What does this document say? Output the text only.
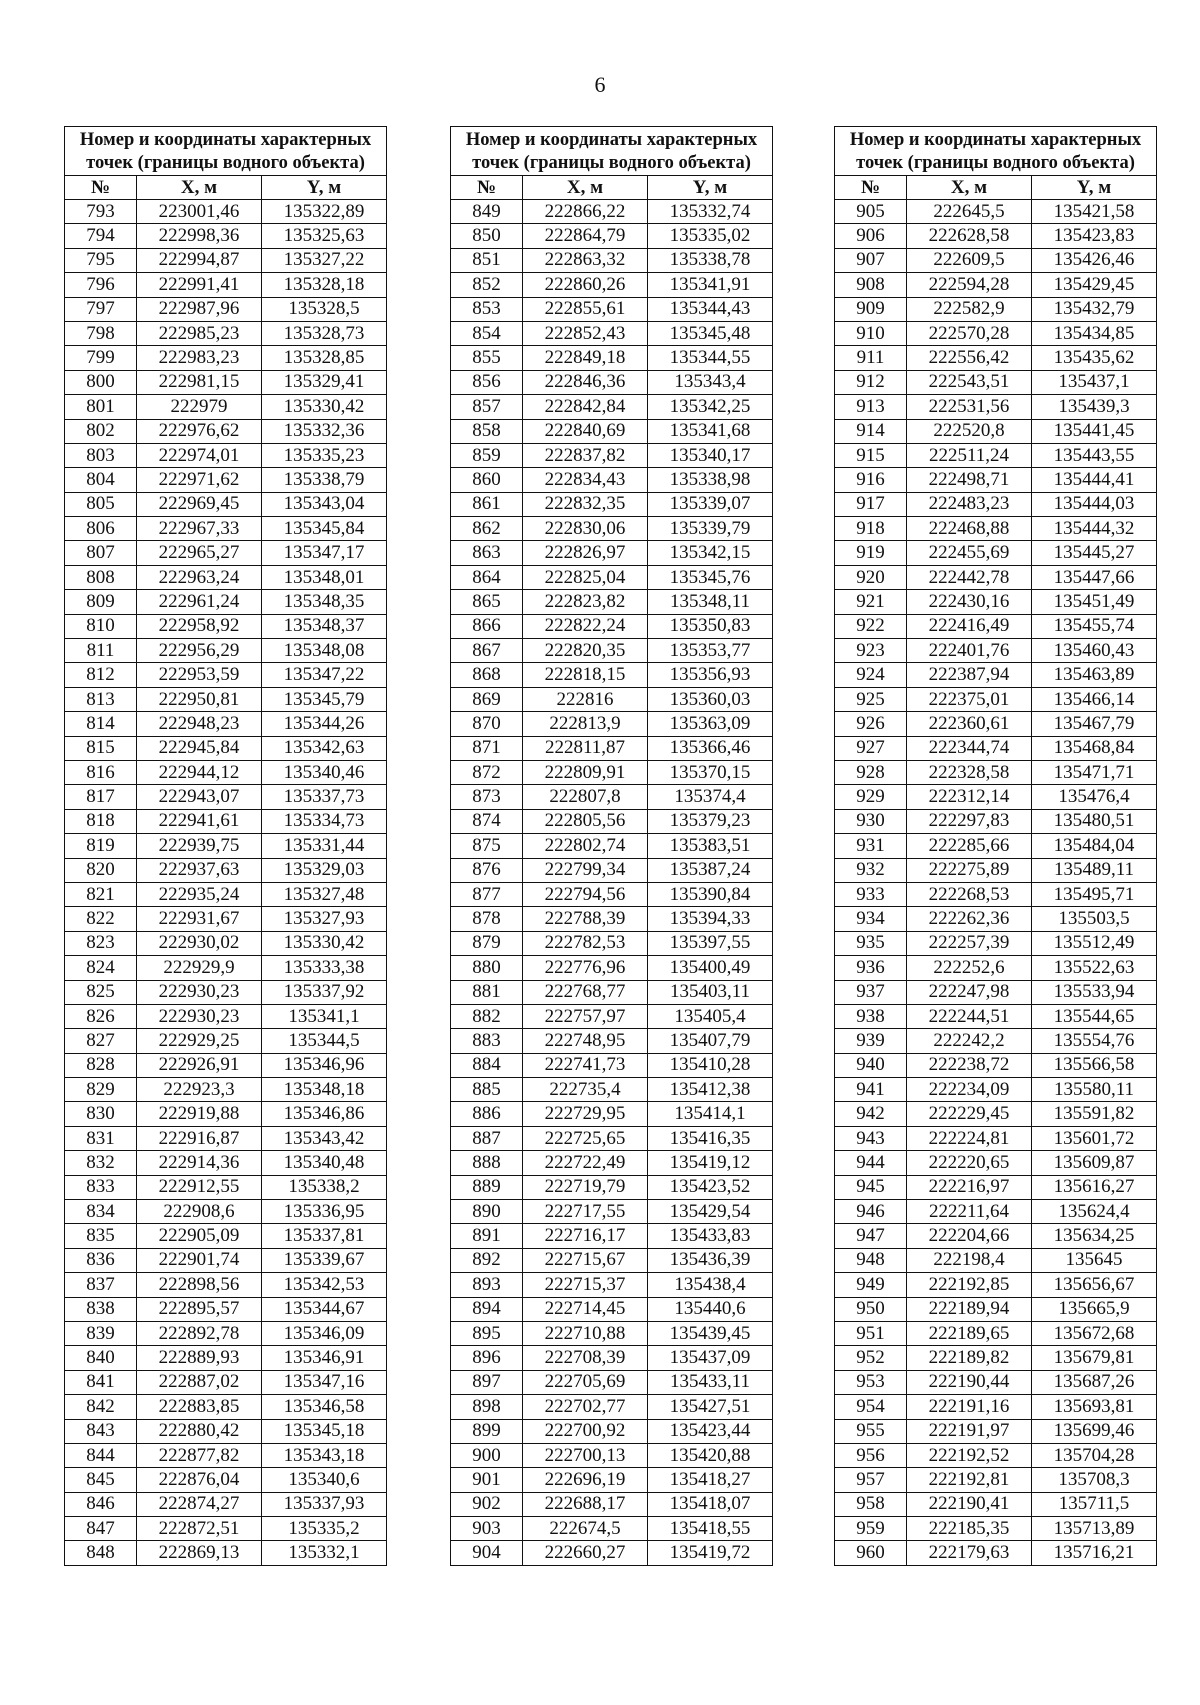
6
Номер и координаты характерных точек (границы водного объекта)		
№	X, м	Y, м
793	223001,46	135322,89
794	222998,36	135325,63
795	222994,87	135327,22
796	222991,41	135328,18
797	222987,96	135328,5
798	222985,23	135328,73
799	222983,23	135328,85
800	222981,15	135329,41
801	222979	135330,42
802	222976,62	135332,36
803	222974,01	135335,23
804	222971,62	135338,79
805	222969,45	135343,04
806	222967,33	135345,84
807	222965,27	135347,17
808	222963,24	135348,01
809	222961,24	135348,35
810	222958,92	135348,37
811	222956,29	135348,08
812	222953,59	135347,22
813	222950,81	135345,79
814	222948,23	135344,26
815	222945,84	135342,63
816	222944,12	135340,46
817	222943,07	135337,73
818	222941,61	135334,73
819	222939,75	135331,44
820	222937,63	135329,03
821	222935,24	135327,48
822	222931,67	135327,93
823	222930,02	135330,42
824	222929,9	135333,38
825	222930,23	135337,92
826	222930,23	135341,1
827	222929,25	135344,5
828	222926,91	135346,96
829	222923,3	135348,18
830	222919,88	135346,86
831	222916,87	135343,42
832	222914,36	135340,48
833	222912,55	135338,2
834	222908,6	135336,95
835	222905,09	135337,81
836	222901,74	135339,67
837	222898,56	135342,53
838	222895,57	135344,67
839	222892,78	135346,09
840	222889,93	135346,91
841	222887,02	135347,16
842	222883,85	135346,58
843	222880,42	135345,18
844	222877,82	135343,18
845	222876,04	135340,6
846	222874,27	135337,93
847	222872,51	135335,2
848	222869,13	135332,1
Номер и координаты характерных точек (границы водного объекта)		
№	X, м	Y, м
849	222866,22	135332,74
850	222864,79	135335,02
851	222863,32	135338,78
852	222860,26	135341,91
853	222855,61	135344,43
854	222852,43	135345,48
855	222849,18	135344,55
856	222846,36	135343,4
857	222842,84	135342,25
858	222840,69	135341,68
859	222837,82	135340,17
860	222834,43	135338,98
861	222832,35	135339,07
862	222830,06	135339,79
863	222826,97	135342,15
864	222825,04	135345,76
865	222823,82	135348,11
866	222822,24	135350,83
867	222820,35	135353,77
868	222818,15	135356,93
869	222816	135360,03
870	222813,9	135363,09
871	222811,87	135366,46
872	222809,91	135370,15
873	222807,8	135374,4
874	222805,56	135379,23
875	222802,74	135383,51
876	222799,34	135387,24
877	222794,56	135390,84
878	222788,39	135394,33
879	222782,53	135397,55
880	222776,96	135400,49
881	222768,77	135403,11
882	222757,97	135405,4
883	222748,95	135407,79
884	222741,73	135410,28
885	222735,4	135412,38
886	222729,95	135414,1
887	222725,65	135416,35
888	222722,49	135419,12
889	222719,79	135423,52
890	222717,55	135429,54
891	222716,17	135433,83
892	222715,67	135436,39
893	222715,37	135438,4
894	222714,45	135440,6
895	222710,88	135439,45
896	222708,39	135437,09
897	222705,69	135433,11
898	222702,77	135427,51
899	222700,92	135423,44
900	222700,13	135420,88
901	222696,19	135418,27
902	222688,17	135418,07
903	222674,5	135418,55
904	222660,27	135419,72
Номер и координаты характерных точек (границы водного объекта)		
№	X, м	Y, м
905	222645,5	135421,58
906	222628,58	135423,83
907	222609,5	135426,46
908	222594,28	135429,45
909	222582,9	135432,79
910	222570,28	135434,85
911	222556,42	135435,62
912	222543,51	135437,1
913	222531,56	135439,3
914	222520,8	135441,45
915	222511,24	135443,55
916	222498,71	135444,41
917	222483,23	135444,03
918	222468,88	135444,32
919	222455,69	135445,27
920	222442,78	135447,66
921	222430,16	135451,49
922	222416,49	135455,74
923	222401,76	135460,43
924	222387,94	135463,89
925	222375,01	135466,14
926	222360,61	135467,79
927	222344,74	135468,84
928	222328,58	135471,71
929	222312,14	135476,4
930	222297,83	135480,51
931	222285,66	135484,04
932	222275,89	135489,11
933	222268,53	135495,71
934	222262,36	135503,5
935	222257,39	135512,49
936	222252,6	135522,63
937	222247,98	135533,94
938	222244,51	135544,65
939	222242,2	135554,76
940	222238,72	135566,58
941	222234,09	135580,11
942	222229,45	135591,82
943	222224,81	135601,72
944	222220,65	135609,87
945	222216,97	135616,27
946	222211,64	135624,4
947	222204,66	135634,25
948	222198,4	135645
949	222192,85	135656,67
950	222189,94	135665,9
951	222189,65	135672,68
952	222189,82	135679,81
953	222190,44	135687,26
954	222191,16	135693,81
955	222191,97	135699,46
956	222192,52	135704,28
957	222192,81	135708,3
958	222190,41	135711,5
959	222185,35	135713,89
960	222179,63	135716,21
